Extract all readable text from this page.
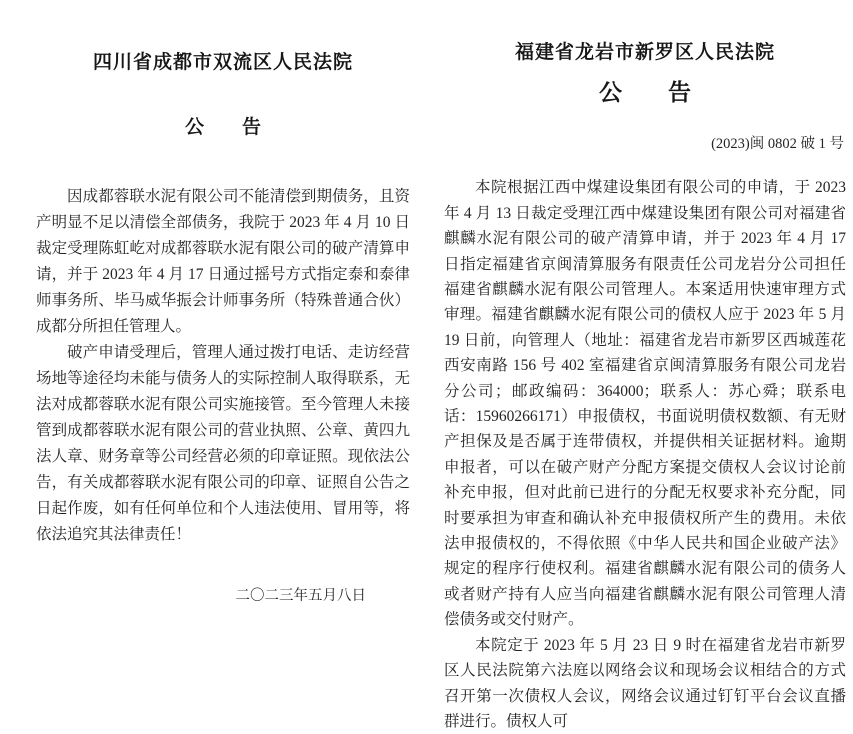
四川省成都市双流区人民法院
公　　告

因成都蓉联水泥有限公司不能清偿到期债务，且资产明显不足以清偿全部债务，我院于 2023 年 4 月 10 日裁定受理陈虹屹对成都蓉联水泥有限公司的破产清算申请，并于 2023 年 4 月 17 日通过摇号方式指定泰和泰律师事务所、毕马威华振会计师事务所（特殊普通合伙）成都分所担任管理人。

破产申请受理后，管理人通过拨打电话、走访经营场地等途径均未能与债务人的实际控制人取得联系，无法对成都蓉联水泥有限公司实施接管。至今管理人未接管到成都蓉联水泥有限公司的营业执照、公章、黄四九法人章、财务章等公司经营必须的印章证照。现依法公告，有关成都蓉联水泥有限公司的印章、证照自公告之日起作废，如有任何单位和个人违法使用、冒用等，将依法追究其法律责任！

二〇二三年五月八日

福建省龙岩市新罗区人民法院
公　　告

(2023)闽 0802 破 1 号

本院根据江西中煤建设集团有限公司的申请，于 2023 年 4 月 13 日裁定受理江西中煤建设集团有限公司对福建省麒麟水泥有限公司的破产清算申请，并于 2023 年 4 月 17 日指定福建省京闽清算服务有限责任公司龙岩分公司担任福建省麒麟水泥有限公司管理人。本案适用快速审理方式审理。福建省麒麟水泥有限公司的债权人应于 2023 年 5 月 19 日前，向管理人（地址：福建省龙岩市新罗区西城莲花西安南路 156 号 402 室福建省京闽清算服务有限公司龙岩分公司；邮政编码：364000；联系人：苏心舜；联系电话：15960266171）申报债权，书面说明债权数额、有无财产担保及是否属于连带债权，并提供相关证据材料。逾期申报者，可以在破产财产分配方案提交债权人会议讨论前补充申报，但对此前已进行的分配无权要求补充分配，同时要承担为审查和确认补充申报债权所产生的费用。未依法申报债权的，不得依照《中华人民共和国企业破产法》规定的程序行使权利。福建省麒麟水泥有限公司的债务人或者财产持有人应当向福建省麒麟水泥有限公司管理人清偿债务或交付财产。

本院定于 2023 年 5 月 23 日 9 时在福建省龙岩市新罗区人民法院第六法庭以网络会议和现场会议相结合的方式召开第一次债权人会议，网络会议通过钉钉平台会议直播群进行。债权人可
